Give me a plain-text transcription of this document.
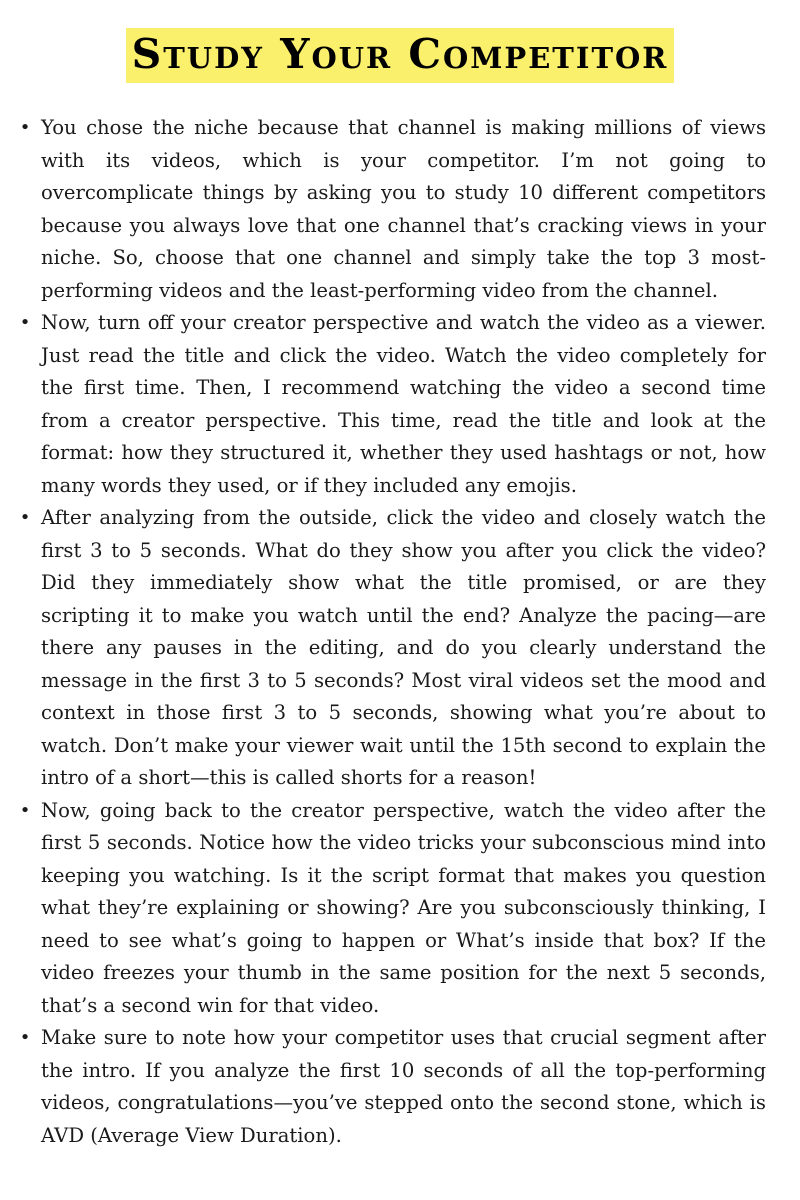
Study Your Competitor
• You chose the niche because that channel is making millions of views with its videos, which is your competitor. I’m not going to overcomplicate things by asking you to study 10 different competitors because you always love that one channel that’s cracking views in your niche. So, choose that one channel and simply take the top 3 most-performing videos and the least-performing video from the channel.
• Now, turn off your creator perspective and watch the video as a viewer. Just read the title and click the video. Watch the video completely for the first time. Then, I recommend watching the video a second time from a creator perspective. This time, read the title and look at the format: how they structured it, whether they used hashtags or not, how many words they used, or if they included any emojis.
• After analyzing from the outside, click the video and closely watch the first 3 to 5 seconds. What do they show you after you click the video? Did they immediately show what the title promised, or are they scripting it to make you watch until the end? Analyze the pacing—are there any pauses in the editing, and do you clearly understand the message in the first 3 to 5 seconds? Most viral videos set the mood and context in those first 3 to 5 seconds, showing what you’re about to watch. Don’t make your viewer wait until the 15th second to explain the intro of a short—this is called shorts for a reason!
• Now, going back to the creator perspective, watch the video after the first 5 seconds. Notice how the video tricks your subconscious mind into keeping you watching. Is it the script format that makes you question what they’re explaining or showing? Are you subconsciously thinking, I need to see what’s going to happen or What’s inside that box? If the video freezes your thumb in the same position for the next 5 seconds, that’s a second win for that video.
• Make sure to note how your competitor uses that crucial segment after the intro. If you analyze the first 10 seconds of all the top-performing videos, congratulations—you’ve stepped onto the second stone, which is AVD (Average View Duration).
